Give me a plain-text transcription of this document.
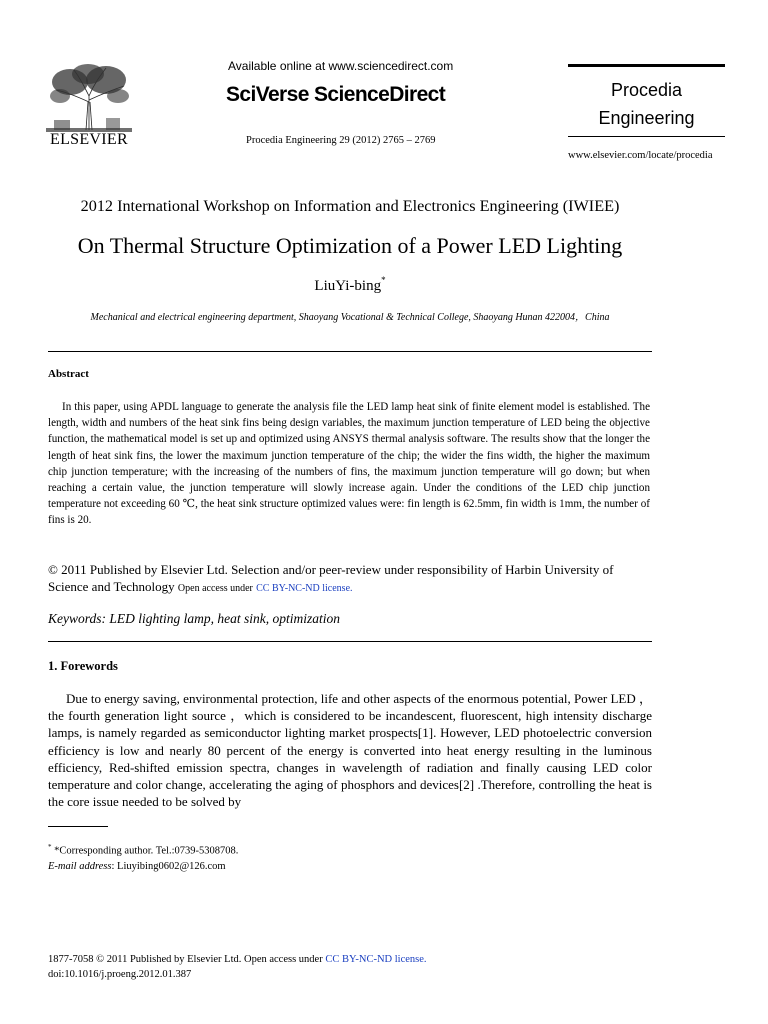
ELSEVIER
Available online at www.sciencedirect.com
SciVerse ScienceDirect
Procedia Engineering 29 (2012) 2765 – 2769
Procedia
Engineering
www.elsevier.com/locate/procedia
2012 International Workshop on Information and Electronics Engineering (IWIEE)
On Thermal Structure Optimization of a Power LED Lighting
LiuYi-bing*
Mechanical and electrical engineering department, Shaoyang Vocational & Technical College, Shaoyang Hunan 422004，China
Abstract
In this paper, using APDL language to generate the analysis file the LED lamp heat sink of finite element model is established. The length, width and numbers of the heat sink fins being design variables, the maximum junction temperature of LED being the objective function, the mathematical model is set up and optimized using ANSYS thermal analysis software. The results show that the longer the length of heat sink fins, the lower the maximum junction temperature of the chip; the wider the fins width, the higher the maximum chip junction temperature; with the increasing of the numbers of fins, the maximum junction temperature will go down; but when reaching a certain value, the junction temperature will slowly increase again. Under the conditions of the LED chip junction temperature not exceeding 60 ℃, the heat sink structure optimized values were: fin length is 62.5mm, fin width is 1mm, the number of fins is 20.
© 2011 Published by Elsevier Ltd. Selection and/or peer-review under responsibility of Harbin University of Science and Technology Open access under CC BY-NC-ND license.
Keywords: LED lighting lamp, heat sink, optimization
1. Forewords
Due to energy saving, environmental protection, life and other aspects of the enormous potential, Power LED ，the fourth generation light source ，which is considered to be incandescent, fluorescent, high intensity discharge lamps, is namely regarded as semiconductor lighting market prospects[1]. However, LED photoelectric conversion efficiency is low and nearly 80 percent of the energy is converted into heat energy resulting in the luminous efficiency, Red-shifted emission spectra, changes in wavelength of radiation and finally causing LED color temperature and color change, accelerating the aging of phosphors and devices[2] .Therefore, controlling the heat is the core issue needed to be solved by
* *Corresponding author. Tel.:0739-5308708.
E-mail address: Liuyibing0602@126.com
1877-7058 © 2011 Published by Elsevier Ltd. Open access under CC BY-NC-ND license.
doi:10.1016/j.proeng.2012.01.387
